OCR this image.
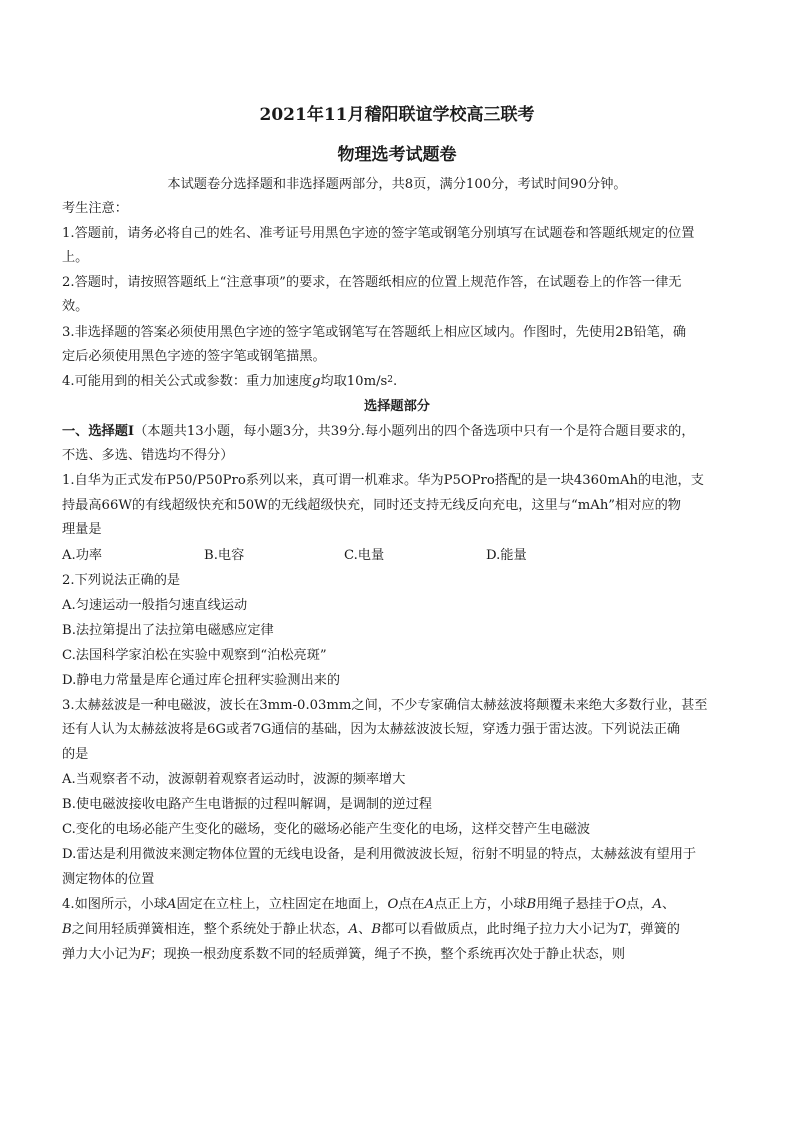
2021年11月稽阳联谊学校高三联考
物理选考试题卷
本试题卷分选择题和非选择题两部分，共8页，满分100分，考试时间90分钟。
考生注意：
1.答题前，请务必将自己的姓名、准考证号用黑色字迹的签字笔或钢笔分别填写在试题卷和答题纸规定的位置
上。
2.答题时，请按照答题纸上“注意事项”的要求，在答题纸相应的位置上规范作答，在试题卷上的作答一律无
效。
3.非选择题的答案必须使用黑色字迹的签字笔或钢笔写在答题纸上相应区域内。作图时，先使用2B铅笔，确
定后必须使用黑色字迹的签字笔或钢笔描黑。
4.可能用到的相关公式或参数：重力加速度g均取$10m/s^2$.
选择题部分
一、选择题Ⅰ（本题共13小题，每小题3分，共39分.每小题列出的四个备选项中只有一个是符合题目要求的，
不选、多选、错选均不得分）
1.自华为正式发布P50/P50Pro系列以来，真可谓一机难求。华为P5OPro搭配的是一块4360mAh的电池，支
持最高66W的有线超级快充和50W的无线超级快充，同时还支持无线反向充电，这里与“mAh”相对应的物
理量是
A.功率	B.电容	C.电量	D.能量
2.下列说法正确的是
A.匀速运动一般指匀速直线运动
B.法拉第提出了法拉第电磁感应定律
C.法国科学家泊松在实验中观察到“泊松亮斑”
D.静电力常量是库仑通过库仑扭秤实验测出来的
3.太赫兹波是一种电磁波，波长在3mm-0.03mm之间，不少专家确信太赫兹波将颠覆未来绝大多数行业，甚至
还有人认为太赫兹波将是6G或者7G通信的基础，因为太赫兹波波长短，穿透力强于雷达波。下列说法正确
的是
A.当观察者不动，波源朝着观察者运动时，波源的频率增大
B.使电磁波接收电路产生电谐振的过程叫解调，是调制的逆过程
C.变化的电场必能产生变化的磁场，变化的磁场必能产生变化的电场，这样交替产生电磁波
D.雷达是利用微波来测定物体位置的无线电设备，是利用微波波长短，衍射不明显的特点，太赫兹波有望用于
测定物体的位置
4.如图所示，小球A固定在立柱上，立柱固定在地面上，O点在A点正上方，小球B用绳子悬挂于O点，A、
B之间用轻质弹簧相连，整个系统处于静止状态，A、B都可以看做质点，此时绳子拉力大小记为T，弹簧的
弹力大小记为F；现换一根劲度系数不同的轻质弹簧，绳子不换，整个系统再次处于静止状态，则
